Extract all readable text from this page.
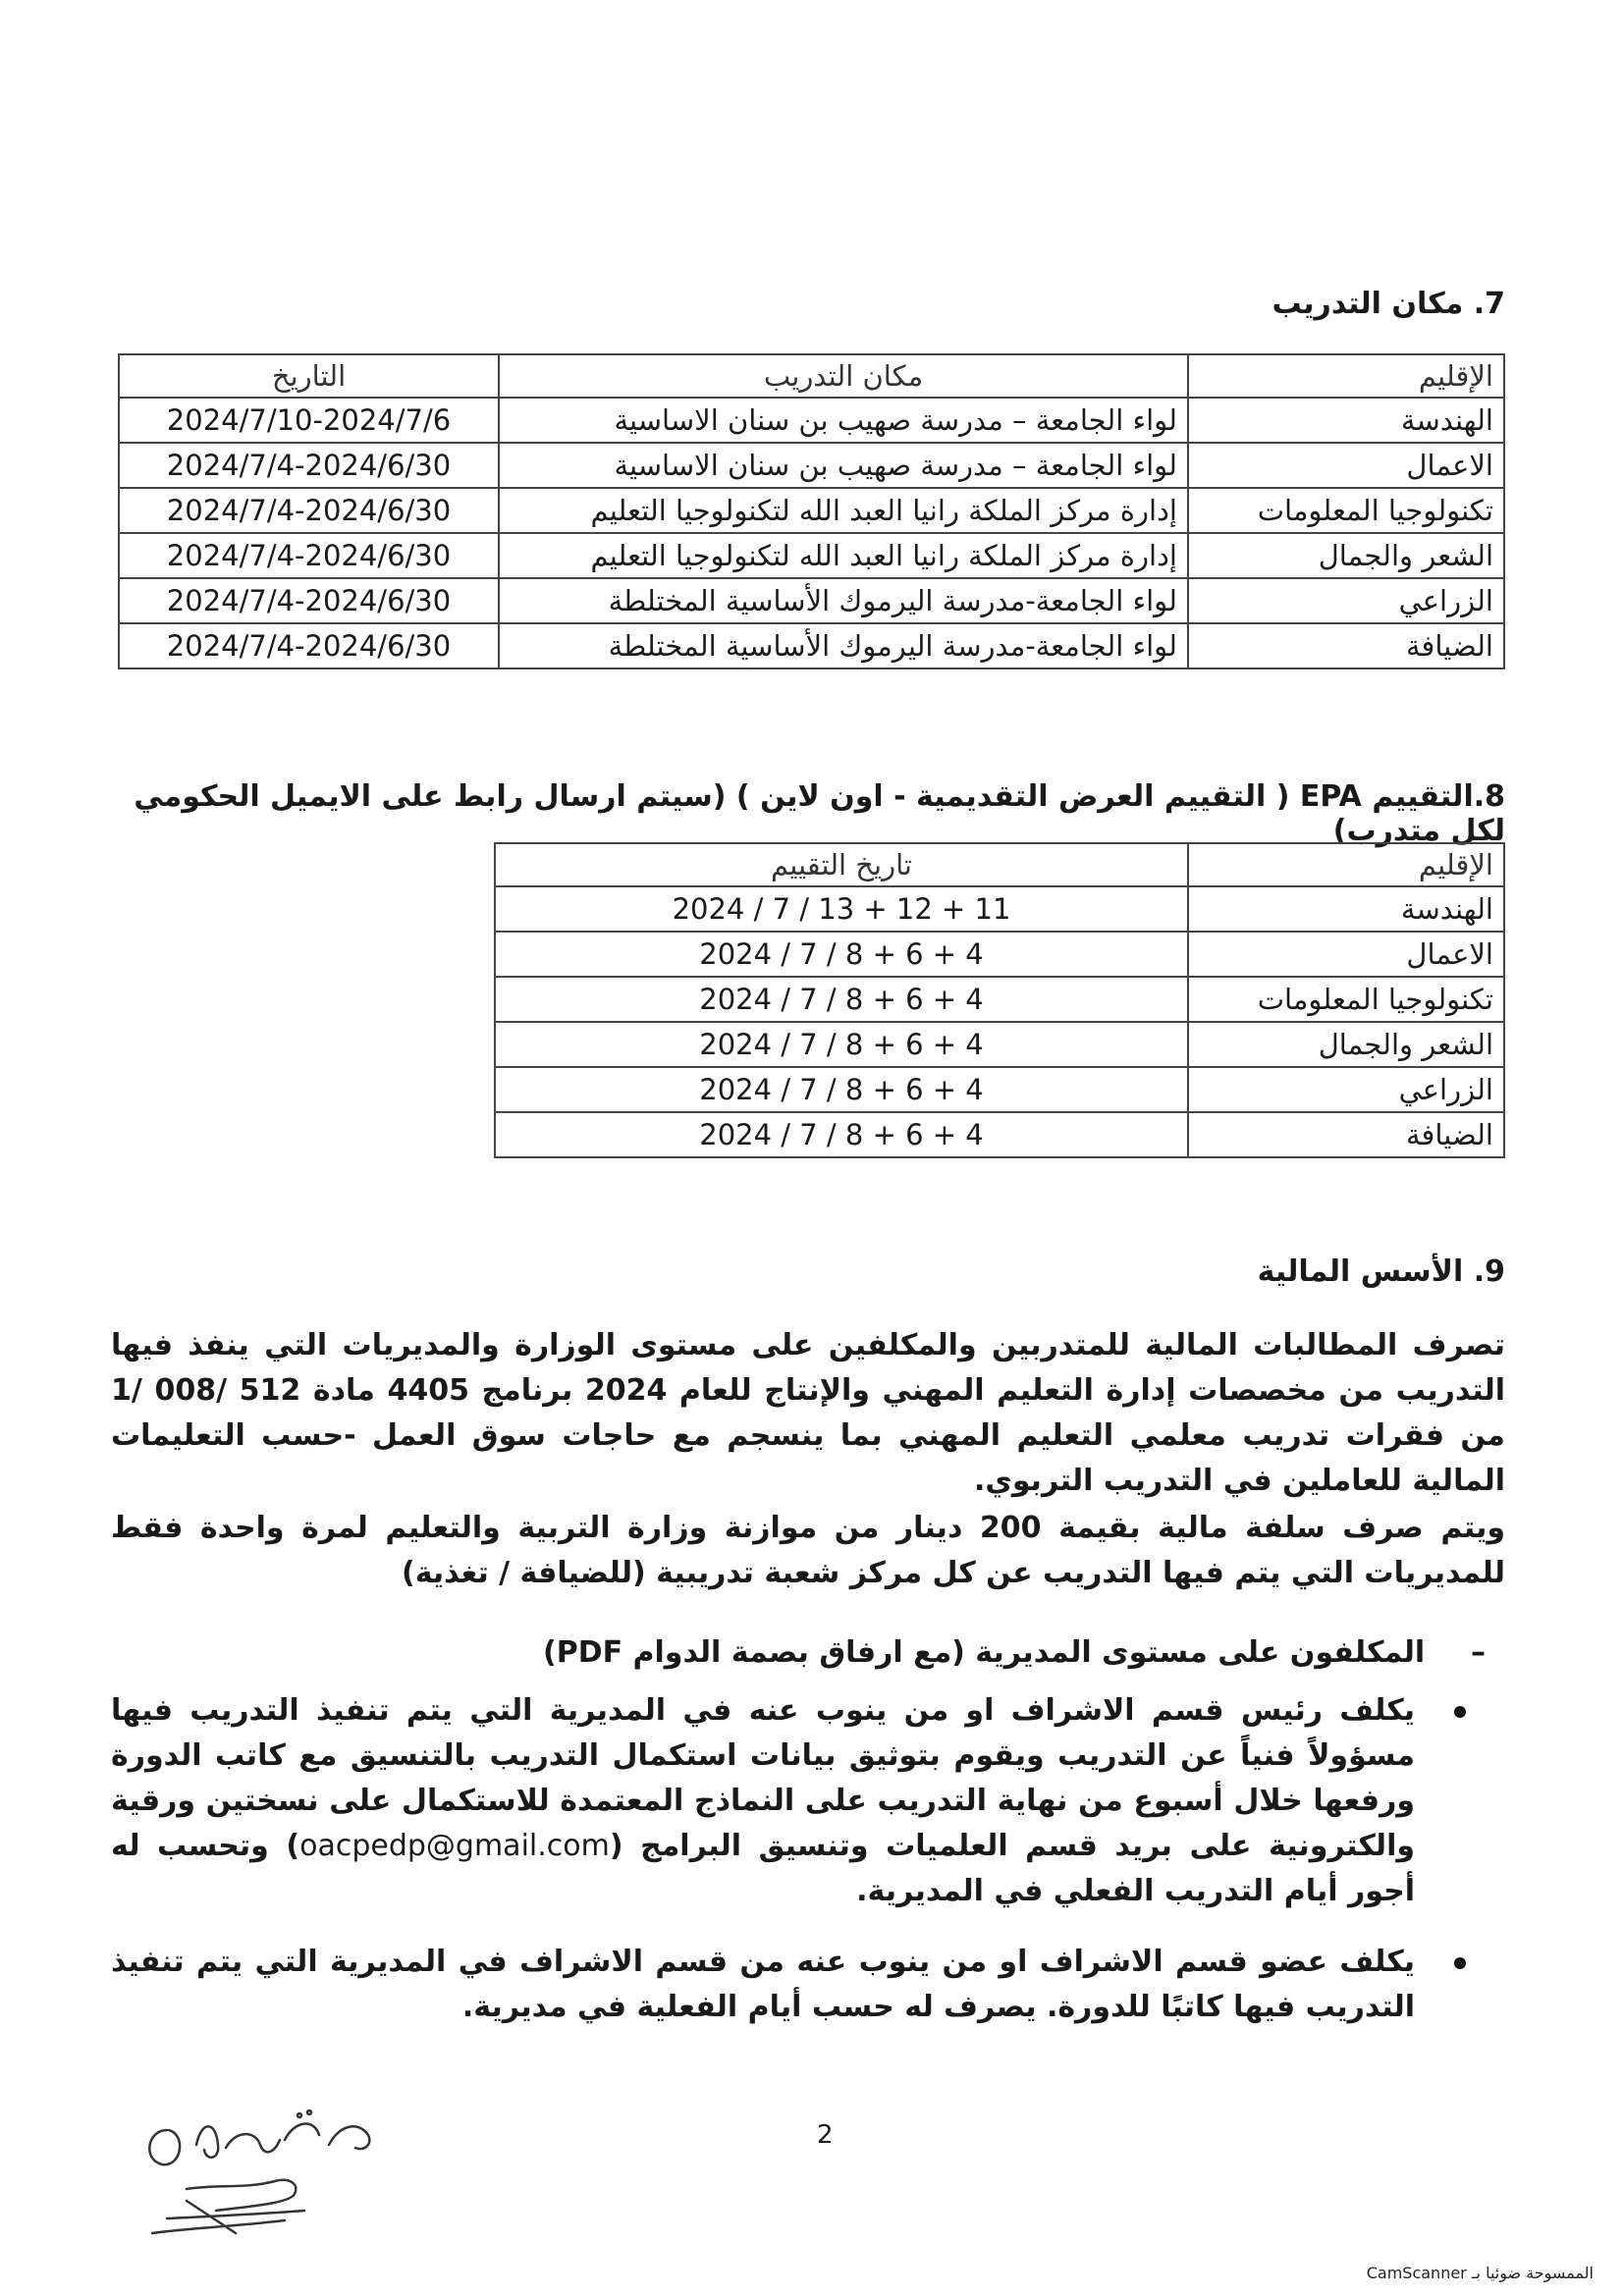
7. مكان التدريب
الإقليم	مكان التدريب	التاريخ
الهندسة	لواء الجامعة – مدرسة صهيب بن سنان الاساسية	2024/7/10-2024/7/6
الاعمال	لواء الجامعة – مدرسة صهيب بن سنان الاساسية	2024/7/4-2024/6/30
تكنولوجيا المعلومات	إدارة مركز الملكة رانيا العبد الله لتكنولوجيا التعليم	2024/7/4-2024/6/30
الشعر والجمال	إدارة مركز الملكة رانيا العبد الله لتكنولوجيا التعليم	2024/7/4-2024/6/30
الزراعي	لواء الجامعة-مدرسة اليرموك الأساسية المختلطة	2024/7/4-2024/6/30
الضيافة	لواء الجامعة-مدرسة اليرموك الأساسية المختلطة	2024/7/4-2024/6/30
8.التقييم EPA ( التقييم العرض التقديمية - اون لاين ) (سيتم ارسال رابط على الايميل الحكومي لكل متدرب)
الإقليم	تاريخ التقييم
الهندسة	2024 / 7 / 13 + 12 + 11
الاعمال	2024 / 7 / 8 + 6 + 4
تكنولوجيا المعلومات	2024 / 7 / 8 + 6 + 4
الشعر والجمال	2024 / 7 / 8 + 6 + 4
الزراعي	2024 / 7 / 8 + 6 + 4
الضيافة	2024 / 7 / 8 + 6 + 4
9. الأسس المالية
تصرف المطالبات المالية للمتدربين والمكلفين على مستوى الوزارة والمديريات التي ينفذ فيها التدريب من مخصصات إدارة التعليم المهني والإنتاج للعام 2024 برنامج 4405 مادة 512 /008 /1 من فقرات تدريب معلمي التعليم المهني بما ينسجم مع حاجات سوق العمل -حسب التعليمات المالية للعاملين في التدريب التربوي.
ويتم صرف سلفة مالية بقيمة 200 دينار من موازنة وزارة التربية والتعليم لمرة واحدة فقط للمديريات التي يتم فيها التدريب عن كل مركز شعبة تدريبية (للضيافة / تغذية)
–     المكلفون على مستوى المديرية (مع ارفاق بصمة الدوام PDF)
يكلف رئيس قسم الاشراف او من ينوب عنه في المديرية التي يتم تنفيذ التدريب فيها مسؤولاً فنياً عن التدريب ويقوم بتوثيق بيانات استكمال التدريب بالتنسيق مع كاتب الدورة ورفعها خلال أسبوع من نهاية التدريب على النماذج المعتمدة للاستكمال على نسختين ورقية والكترونية على بريد قسم العلميات وتنسيق البرامج (oacpedp@gmail.com) وتحسب له أجور أيام التدريب الفعلي في المديرية.
يكلف عضو قسم الاشراف او من ينوب عنه من قسم الاشراف في المديرية التي يتم تنفيذ التدريب فيها كاتبًا للدورة. يصرف له حسب أيام الفعلية في مديرية.
2
الممسوحة ضوئيا بـ CamScanner
